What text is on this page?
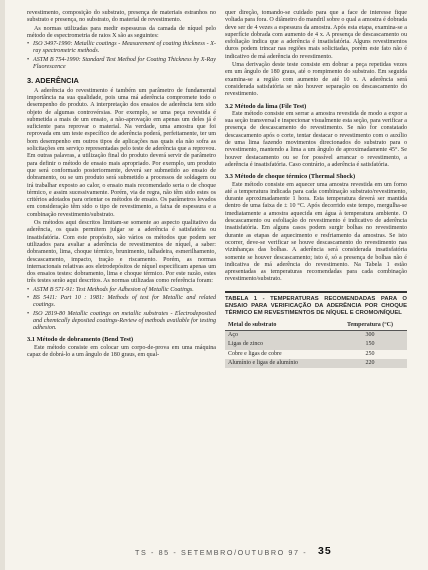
revestimento, composição do substrato, presença de materiais estranhos no substrato e presença, no substrato, do material de revestimento.

As normas utilizadas para medir espessuras da camada de níquel pelo método de espectrometria de raios X são as seguintes:

• ISO 3497-1990: Metallic coatings - Measurement of coating thickness - X-ray spectrometric methods.

• ASTM B 754-1990: Standard Test Method for Coating Thickness by X-Ray Fluorescence

3. ADERÊNCIA

A aderência do revestimento é também um parâmetro de fundamental importância na sua qualidade, pois uma má aderência compromete todo o desempenho do produto. A interpretação dos ensaios de aderência tem sido objeto de algumas controvérsias. Por exemplo, se uma peça revestida é submetida a mais de um ensaio, a não-aprovação em apenas um deles já é suficiente para reprovar o material. Na verdade, uma amostra que foi reprovada em um teste específico de aderência poderá, perfeitamente, ter um bom desempenho em outros tipos de aplicações nas quais ela não sofra as solicitações em serviço representadas pelo teste de aderência que a reprovou. Em outras palavras, a utilização final do produto deverá servir de parâmetro para definir o método de ensaio mais apropriado. Por exemplo, um produto que será conformado posteriormente, deverá ser submetido ao ensaio de dobramento, ou se um produto será submetido a processos de soldagem ou irá trabalhar exposto ao calor, o ensaio mais recomendado seria o de choque térmico, e assim sucessivamente. Porém, via de regra, não têm sido estes os critérios adotados para orientar os métodos de ensaio. Os parâmetros levados em consideração têm sido o tipo de revestimento, a faixa de espessura e a combinação revestimento/substrato.

Os métodos aqui descritos limitam-se somente ao aspecto qualitativo da aderência, os quais permitem julgar se a aderência é satisfatória ou insatisfatória. Com este propósito, são vários os métodos que podem ser utilizados para avaliar a aderência de revestimentos de níquel, a saber: dobramento, lima, choque térmico, brunimento, talhadeira, esmerilhamento, descascamento, impacto, tração e riscamento. Porém, as normas internacionais relativas aos eletrodepósitos de níquel especificam apenas um dos ensaios testes: dobramento, lima e choque térmico. Por este razão, estes três testes serão aqui descritos. As normas utilizadas como referência foram:

• ASTM B 571-91: Test Methods for Adhesion of Metallic Coatings.

• BS 5411: Part 10 : 1981: Methods of test for Metallic and related coatings.

• ISO 2819-80 Metallic coatings on metallic substrates - Electrodeposited and chemically deposited coatings-Review of methods available for testing adhesion.

3.1 Método de dobramento (Bend Test)

Este método consiste em colocar um corpo-de-prova em uma máquina capaz de dobrá-lo a um ângulo de 180 graus, em qual-

quer direção, tomando-se cuidado para que a face de interesse fique voltada para fora. O diâmetro do mandril sobre o qual a amostra é dobrada deve ser de 4 vezes a espessura da amostra. Após esta etapa, examina-se a superfície dobrada com aumento de 4 x. A presença de descascamento ou esfoliação indica que a aderência é insatisfatória. Alguns revestimentos duros podem trincar nas regiões mais solicitadas, porém este fato não é indicativo de má aderência do revestimento.

Uma derivação deste teste consiste em dobrar a peça repetidas vezes em um ângulo de 180 graus, até o rompimento do substrato. Em seguida examina-se a região com aumento de até 10 x. A aderência será considerada satisfatória se não houver separação ou descascamento do revestimento.

3.2 Método da lima (File Test)

Este método consiste em serrar a amostra revestida de modo a expor a sua seção transversal e inspecionar visualmente esta seção, para verificar a presença de descascamento do revestimento. Se não for constatado descascamento após o corte, tentar destacar o revestimento com o auxílio de uma lima fazendo movimentos direcionados do substrato para o revestimento, mantendo a lima a um ângulo de aproximadamente 45°. Se houver destacamento ou se for possível arrancar o revestimento, a aderência é insatisfatória. Caso contrário, a aderência é satisfatória.

3.3 Método de choque térmico (Thermal Shock)

Este método consiste em aquecer uma amostra revestida em um forno até a temperatura indicada para cada combinação substrato/revestimento, durante aproximadamente 1 hora. Esta temperatura deverá ser mantida dentro de uma faixa de ± 10 °C. Após decorrido este tempo, mergulha-se imediatamente a amostra aquecida em água à temperatura ambiente. O descascamento ou esfoliação do revestimento é indicativo de aderência insatisfatória. Em alguns casos podem surgir bolhas no revestimento durante as etapas de aquecimento e resfriamento da amostras. Se isto ocorrer, deve-se verificar se houve descascamento do revestimento nas vizinhanças das bolhas. A aderência será considerada insatisfatória somente se houver descascamento; isto é, só a presença de bolhas não é indicativa de má aderência do revestimento. Na Tabela 1 estão apresentadas as temperaturas recomendadas para cada combinação revestimento/substrato.

TABELA 1 - TEMPERATURAS RECOMENDADAS PARA O ENSAIO PARA VERIFICAÇÃO DA ADERÊNCIA POR CHOQUE TÉRMICO EM REVESTIMENTOS DE NÍQUEL E CROMO/NÍQUEL
Metal do substrato	Temperatura (°C)
Aço	300
Ligas de zinco	150
Cobre e ligas de cobre	250
Alumínio e ligas de alumínio	220
TS - 85 - SETEMBRO/OUTUBRO 97 - 35
